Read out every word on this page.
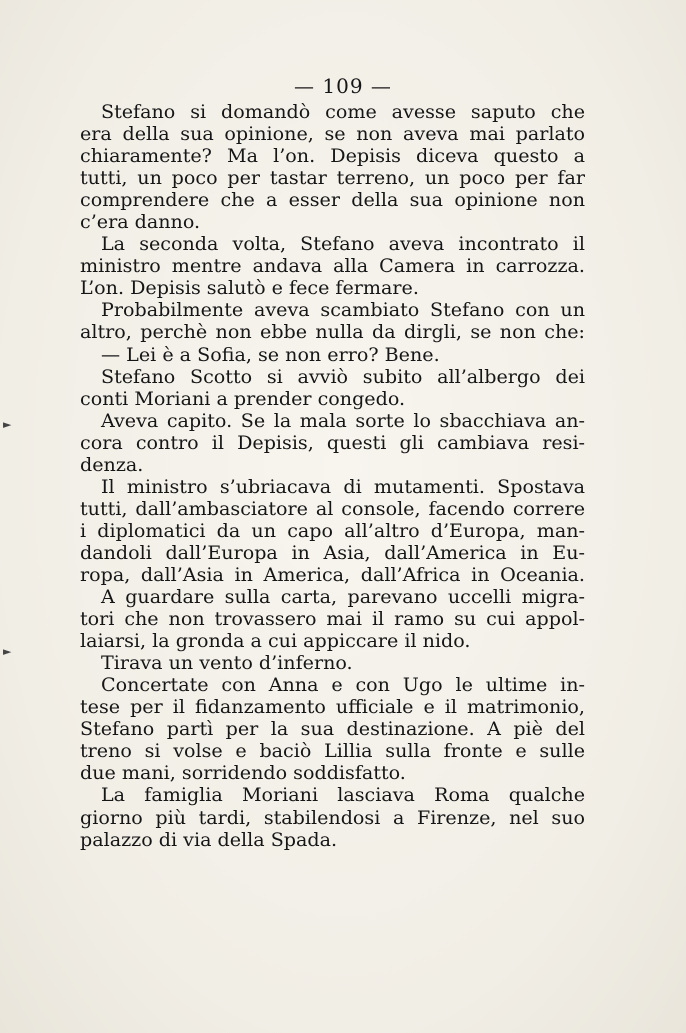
— 109 —
Stefano si domandò come avesse saputo che
era della sua opinione, se non aveva mai parlato
chiaramente? Ma l’on. Depisis diceva questo a
tutti, un poco per tastar terreno, un poco per far
comprendere che a esser della sua opinione non
c’era danno.
La seconda volta, Stefano aveva incontrato il
ministro mentre andava alla Camera in carrozza.
L’on. Depisis salutò e fece fermare.
Probabilmente aveva scambiato Stefano con un
altro, perchè non ebbe nulla da dirgli, se non che:
— Lei è a Sofia, se non erro? Bene.
Stefano Scotto si avviò subito all’albergo dei
conti Moriani a prender congedo.
Aveva capito. Se la mala sorte lo sbacchiava an-
cora contro il Depisis, questi gli cambiava resi-
denza.
Il ministro s’ubriacava di mutamenti. Spostava
tutti, dall’ambasciatore al console, facendo correre
i diplomatici da un capo all’altro d’Europa, man-
dandoli dall’Europa in Asia, dall’America in Eu-
ropa, dall’Asia in America, dall’Africa in Oceania.
A guardare sulla carta, parevano uccelli migra-
tori che non trovassero mai il ramo su cui appol-
laiarsi, la gronda a cui appiccare il nido.
Tirava un vento d’inferno.
Concertate con Anna e con Ugo le ultime in-
tese per il fidanzamento ufficiale e il matrimonio,
Stefano partì per la sua destinazione. A piè del
treno si volse e baciò Lillia sulla fronte e sulle
due mani, sorridendo soddisfatto.
La famiglia Moriani lasciava Roma qualche
giorno più tardi, stabilendosi a Firenze, nel suo
palazzo di via della Spada.
►
►
